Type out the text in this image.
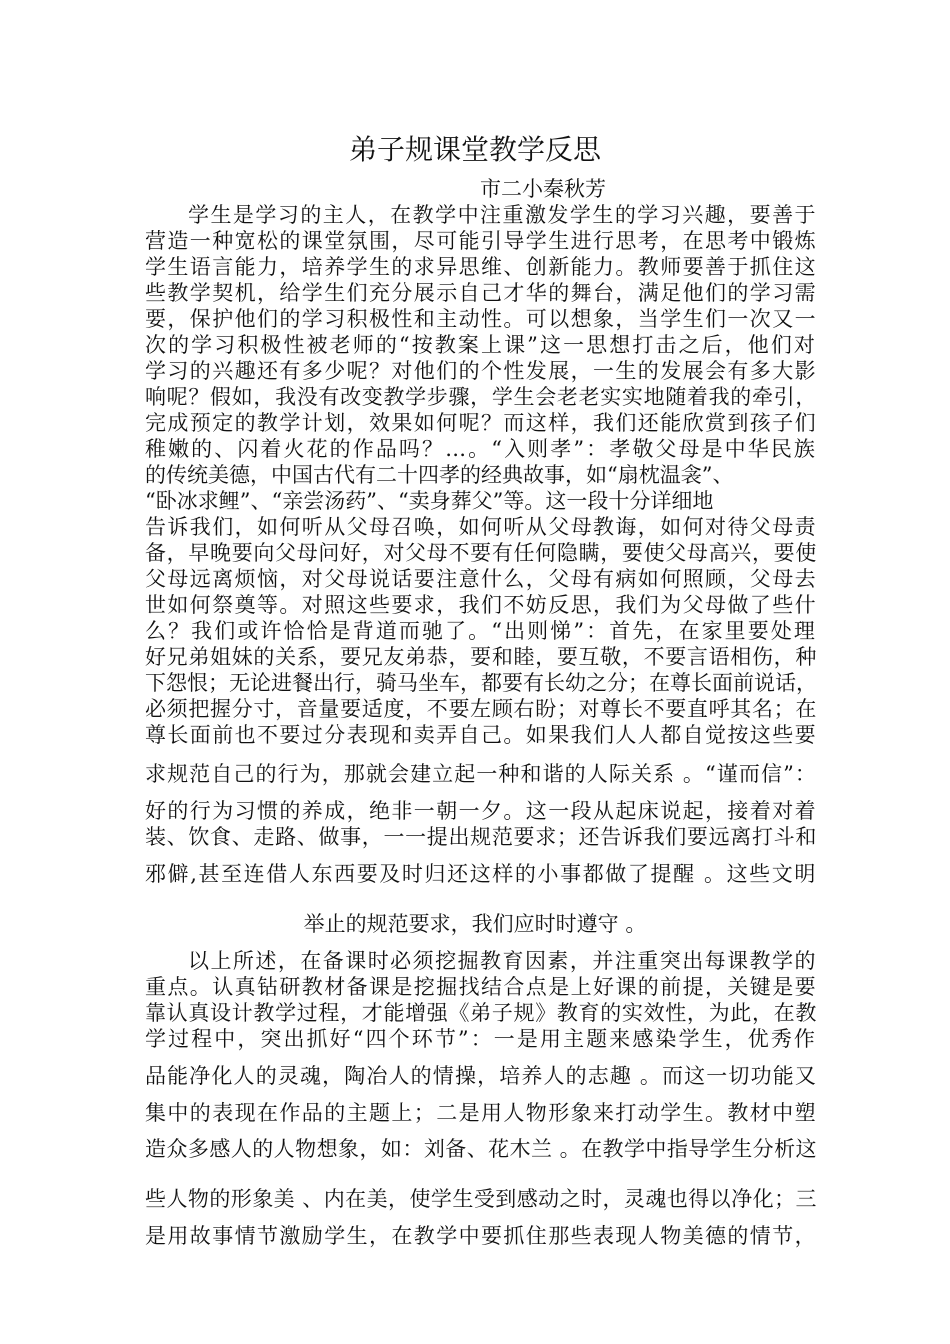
弟子规课堂教学反思
市二小秦秋芳
学生是学习的主人，在教学中注重激发学生的学习兴趣，要善于
营造一种宽松的课堂氛围，尽可能引导学生进行思考，在思考中锻炼
学生语言能力，培养学生的求异思维、创新能力。教师要善于抓住这
些教学契机，给学生们充分展示自己才华的舞台，满足他们的学习需
要，保护他们的学习积极性和主动性。可以想象，当学生们一次又一
次的学习积极性被老师的“按教案上课”这一思想打击之后，他们对
学习的兴趣还有多少呢？对他们的个性发展，一生的发展会有多大影
响呢？假如，我没有改变教学步骤，学生会老老实实地随着我的牵引，
完成预定的教学计划，效果如何呢？而这样，我们还能欣赏到孩子们
稚嫩的、闪着火花的作品吗？…。“入则孝”：孝敬父母是中华民族
的传统美德，中国古代有二十四孝的经典故事，如“扇枕温衾”、
“卧冰求鲤”、“亲尝汤药”、“卖身葬父”等。这一段十分详细地
告诉我们，如何听从父母召唤，如何听从父母教诲，如何对待父母责
备，早晚要向父母问好，对父母不要有任何隐瞒，要使父母高兴，要使
父母远离烦恼，对父母说话要注意什么，父母有病如何照顾，父母去
世如何祭奠等。对照这些要求，我们不妨反思，我们为父母做了些什
么？我们或许恰恰是背道而驰了。“出则悌”：首先，在家里要处理
好兄弟姐妹的关系，要兄友弟恭，要和睦，要互敬，不要言语相伤，种
下怨恨；无论进餐出行，骑马坐车，都要有长幼之分；在尊长面前说话，
必须把握分寸，音量要适度，不要左顾右盼；对尊长不要直呼其名；在
尊长面前也不要过分表现和卖弄自己。如果我们人人都自觉按这些要
求规范自己的行为，那就会建立起一种和谐的人际关系 。“谨而信”：
好的行为习惯的养成，绝非一朝一夕。这一段从起床说起，接着对着
装、饮食、走路、做事，一一提出规范要求；还告诉我们要远离打斗和
邪僻,甚至连借人东西要及时归还这样的小事都做了提醒 。这些文明
举止的规范要求，我们应时时遵守 。
以上所述，在备课时必须挖掘教育因素，并注重突出每课教学的
重点。认真钻研教材备课是挖掘找结合点是上好课的前提，关键是要
靠认真设计教学过程，才能增强《弟子规》教育的实效性，为此，在教
学过程中，突出抓好“四个环节”：一是用主题来感染学生，优秀作
品能净化人的灵魂，陶冶人的情操，培养人的志趣 。而这一切功能又
集中的表现在作品的主题上；二是用人物形象来打动学生。教材中塑
造众多感人的人物想象，如：刘备、花木兰 。在教学中指导学生分析这
些人物的形象美 、内在美，使学生受到感动之时，灵魂也得以净化；三
是用故事情节激励学生，在教学中要抓住那些表现人物美德的情节，
